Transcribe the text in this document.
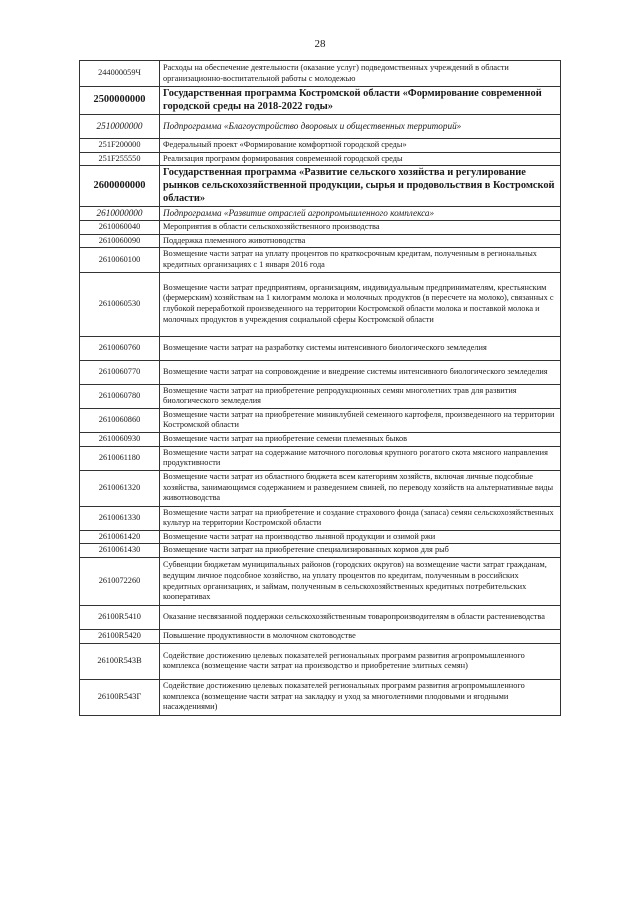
28
244000059Ч	Расходы на обеспечение деятельности (оказание услуг) подведомственных учреждений в области организационно-воспитательной работы с молодежью
2500000000	Государственная программа Костромской области «Формирование современной городской среды на 2018-2022 годы»
2510000000	Подпрограмма «Благоустройство дворовых и общественных территорий»
251F200000	Федеральный проект «Формирование комфортной городской среды»
251F255550	Реализация программ формирования современной городской среды
2600000000	Государственная программа «Развитие сельского хозяйства и регулирование рынков сельскохозяйственной продукции, сырья и продовольствия в Костромской области»
2610000000	Подпрограмма «Развитие отраслей агропромышленного комплекса»
2610060040	Мероприятия в области сельскохозяйственного производства
2610060090	Поддержка племенного животноводства
2610060100	Возмещение части затрат на уплату процентов по краткосрочным кредитам, полученным в региональных кредитных организациях с 1 января 2016 года
2610060530	Возмещение части затрат предприятиям, организациям, индивидуальным предпринимателям, крестьянским (фермерским) хозяйствам на 1 килограмм молока и молочных продуктов (в пересчете на молоко), связанных с глубокой переработкой произведенного на территории Костромской области молока и поставкой молока и молочных продуктов в учреждения социальной сферы Костромской области
2610060760	Возмещение части затрат на разработку системы интенсивного биологического земледелия
2610060770	Возмещение части затрат на сопровождение и внедрение системы интенсивного биологического земледелия
2610060780	Возмещение части затрат на приобретение репродукционных семян многолетних трав для развития биологического земледелия
2610060860	Возмещение части затрат на приобретение миниклубней семенного картофеля, произведенного на территории Костромской области
2610060930	Возмещение части затрат на приобретение семени племенных быков
2610061180	Возмещение части затрат на содержание маточного поголовья крупного рогатого скота мясного направления продуктивности
2610061320	Возмещение части затрат из областного бюджета всем категориям хозяйств, включая личные подсобные хозяйства, занимающимся содержанием и разведением свиней, по переводу хозяйств на альтернативные виды животноводства
2610061330	Возмещение части затрат на приобретение и создание страхового фонда (запаса) семян сельскохозяйственных культур на территории Костромской области
2610061420	Возмещение части затрат на производство льняной продукции и озимой ржи
2610061430	Возмещение части затрат на приобретение специализированных кормов для рыб
2610072260	Субвенции бюджетам муниципальных районов (городских округов) на возмещение части затрат гражданам, ведущим личное подсобное хозяйство, на уплату процентов по кредитам, полученным в российских кредитных организациях, и займам, полученным в сельскохозяйственных кредитных потребительских кооперативах
26100R5410	Оказание несвязанной поддержки сельскохозяйственным товаропроизводителям в области растениеводства
26100R5420	Повышение продуктивности в молочном скотоводстве
26100R543B	Содействие достижению целевых показателей региональных программ развития агропромышленного комплекса (возмещение части затрат на производство и приобретение элитных семян)
26100R543Г	Содействие достижению целевых показателей региональных программ развития агропромышленного комплекса (возмещение части затрат на закладку и уход за многолетними плодовыми и ягодными насаждениями)
